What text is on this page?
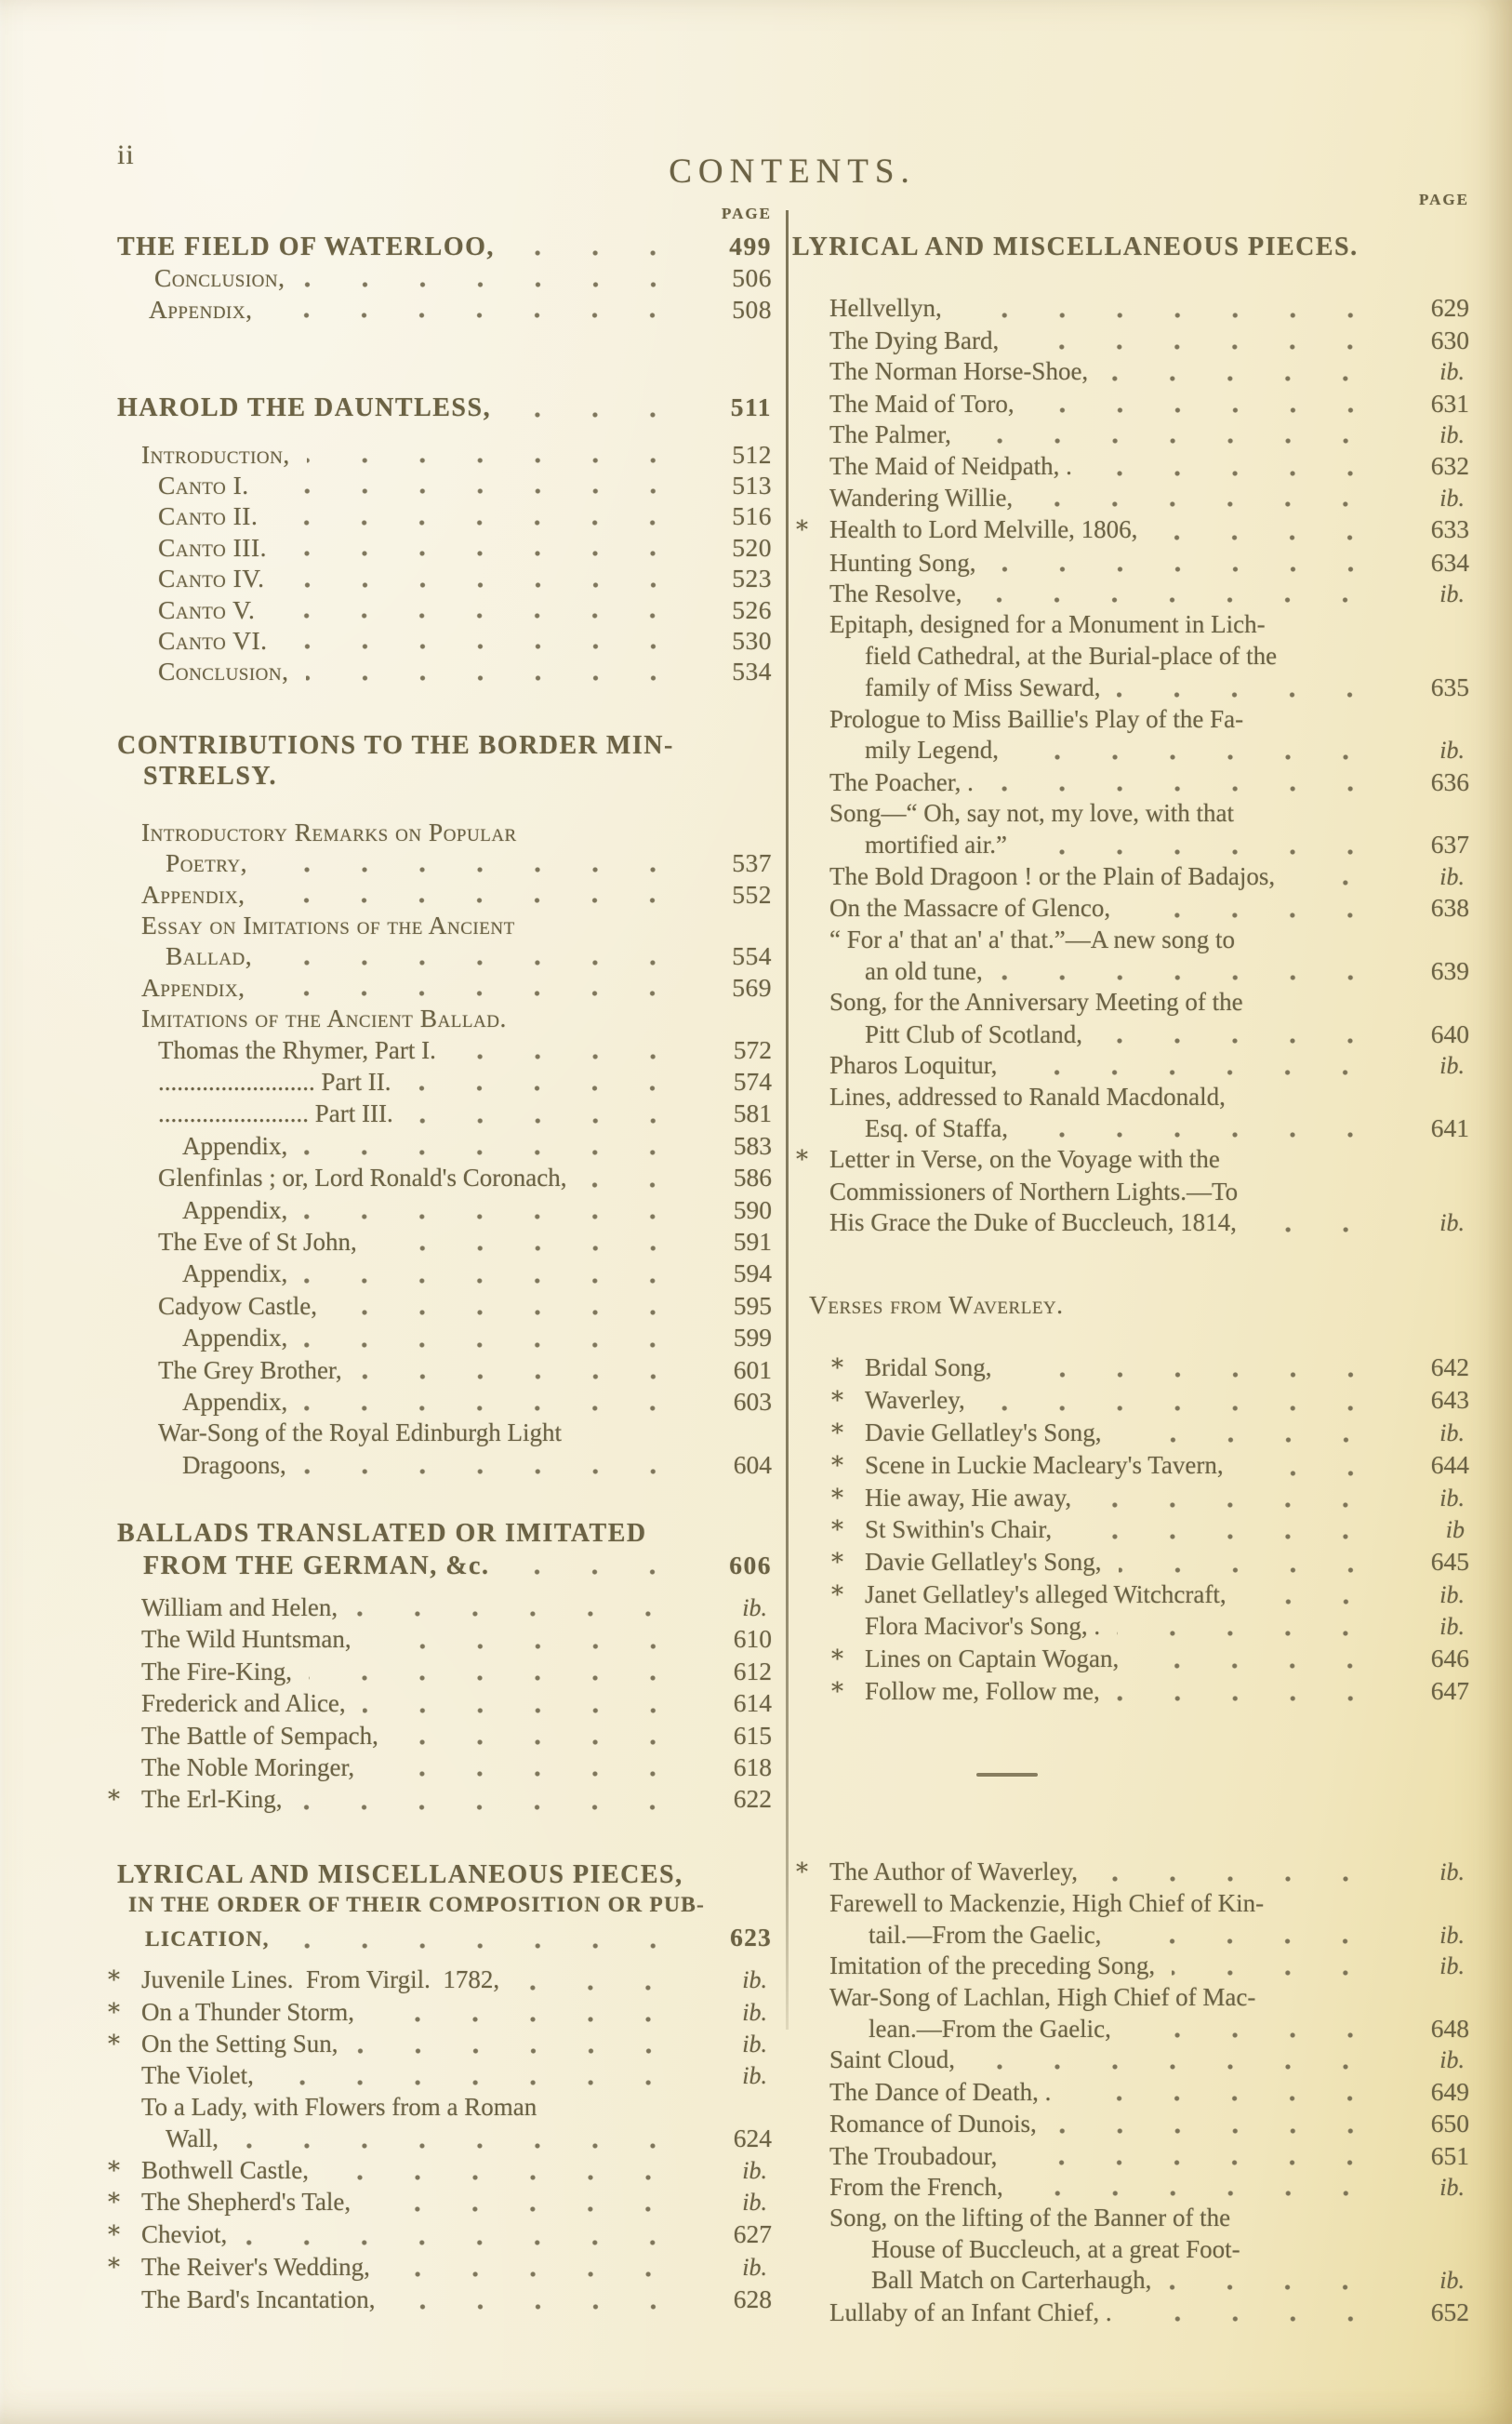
ii	CONTENTS.
PAGE
THE FIELD OF WATERLOO,	499
Conclusion,	506
Appendix,	508
HAROLD THE DAUNTLESS,	511
Introduction,	512
Canto I.	513
Canto II.	516
Canto III.	520
Canto IV.	523
Canto V.	526
Canto VI.	530
Conclusion,	534
CONTRIBUTIONS TO THE BORDER MIN-
STRELSY.
Introductory Remarks on Popular
Poetry,	537
Appendix,	552
Essay on Imitations of the Ancient
Ballad,	554
Appendix,	569
Imitations of the Ancient Ballad.
Thomas the Rhymer, Part I.	572
......................... Part II.	574
........................ Part III.	581
Appendix,	583
Glenfinlas ; or, Lord Ronald's Coronach,	586
Appendix,	590
The Eve of St John,	591
Appendix,	594
Cadyow Castle,	595
Appendix,	599
The Grey Brother,	601
Appendix,	603
War-Song of the Royal Edinburgh Light
Dragoons,	604
BALLADS TRANSLATED OR IMITATED
FROM THE GERMAN, &c.	606
William and Helen,	ib.
The Wild Huntsman,	610
The Fire-King,	612
Frederick and Alice,	614
The Battle of Sempach,	615
The Noble Moringer,	618
* The Erl-King,	622
LYRICAL AND MISCELLANEOUS PIECES,
IN THE ORDER OF THEIR COMPOSITION OR PUB-
LICATION,	623
* Juvenile Lines.  From Virgil.  1782,	ib.
* On a Thunder Storm,	ib.
* On the Setting Sun,	ib.
The Violet,	ib.
To a Lady, with Flowers from a Roman
Wall,	624
* Bothwell Castle,	ib.
* The Shepherd's Tale,	ib.
* Cheviot,	627
* The Reiver's Wedding,	ib.
The Bard's Incantation,	628
PAGE
LYRICAL AND MISCELLANEOUS PIECES.
Hellvellyn,	629
The Dying Bard,	630
The Norman Horse-Shoe,	ib.
The Maid of Toro,	631
The Palmer,	ib.
The Maid of Neidpath, .	632
Wandering Willie,	ib.
* Health to Lord Melville, 1806,	633
Hunting Song,	634
The Resolve,	ib.
Epitaph, designed for a Monument in Lich-
field Cathedral, at the Burial-place of the
family of Miss Seward,	635
Prologue to Miss Baillie's Play of the Fa-
mily Legend,	ib.
The Poacher, .	636
Song—“ Oh, say not, my love, with that
mortified air.”	637
The Bold Dragoon ! or the Plain of Badajos,	ib.
On the Massacre of Glenco,	638
“ For a' that an' a' that.”—A new song to
an old tune,	639
Song, for the Anniversary Meeting of the
Pitt Club of Scotland,	640
Pharos Loquitur,	ib.
Lines, addressed to Ranald Macdonald,
Esq. of Staffa,	641
* Letter in Verse, on the Voyage with the
Commissioners of Northern Lights.—To
His Grace the Duke of Buccleuch, 1814,	ib.
Verses from Waverley.
* Bridal Song,	642
* Waverley,	643
* Davie Gellatley's Song,	ib.
* Scene in Luckie Macleary's Tavern,	644
* Hie away, Hie away,	ib.
* St Swithin's Chair,	ib
* Davie Gellatley's Song,	645
* Janet Gellatley's alleged Witchcraft,	ib.
Flora Macivor's Song, .	ib.
* Lines on Captain Wogan,	646
* Follow me, Follow me,	647
* The Author of Waverley,	ib.
Farewell to Mackenzie, High Chief of Kin-
tail.—From the Gaelic,	ib.
Imitation of the preceding Song,	ib.
War-Song of Lachlan, High Chief of Mac-
lean.—From the Gaelic,	648
Saint Cloud,	ib.
The Dance of Death, .	649
Romance of Dunois,	650
The Troubadour,	651
From the French,	ib.
Song, on the lifting of the Banner of the
House of Buccleuch, at a great Foot-
Ball Match on Carterhaugh,	ib.
Lullaby of an Infant Chief, .	652
